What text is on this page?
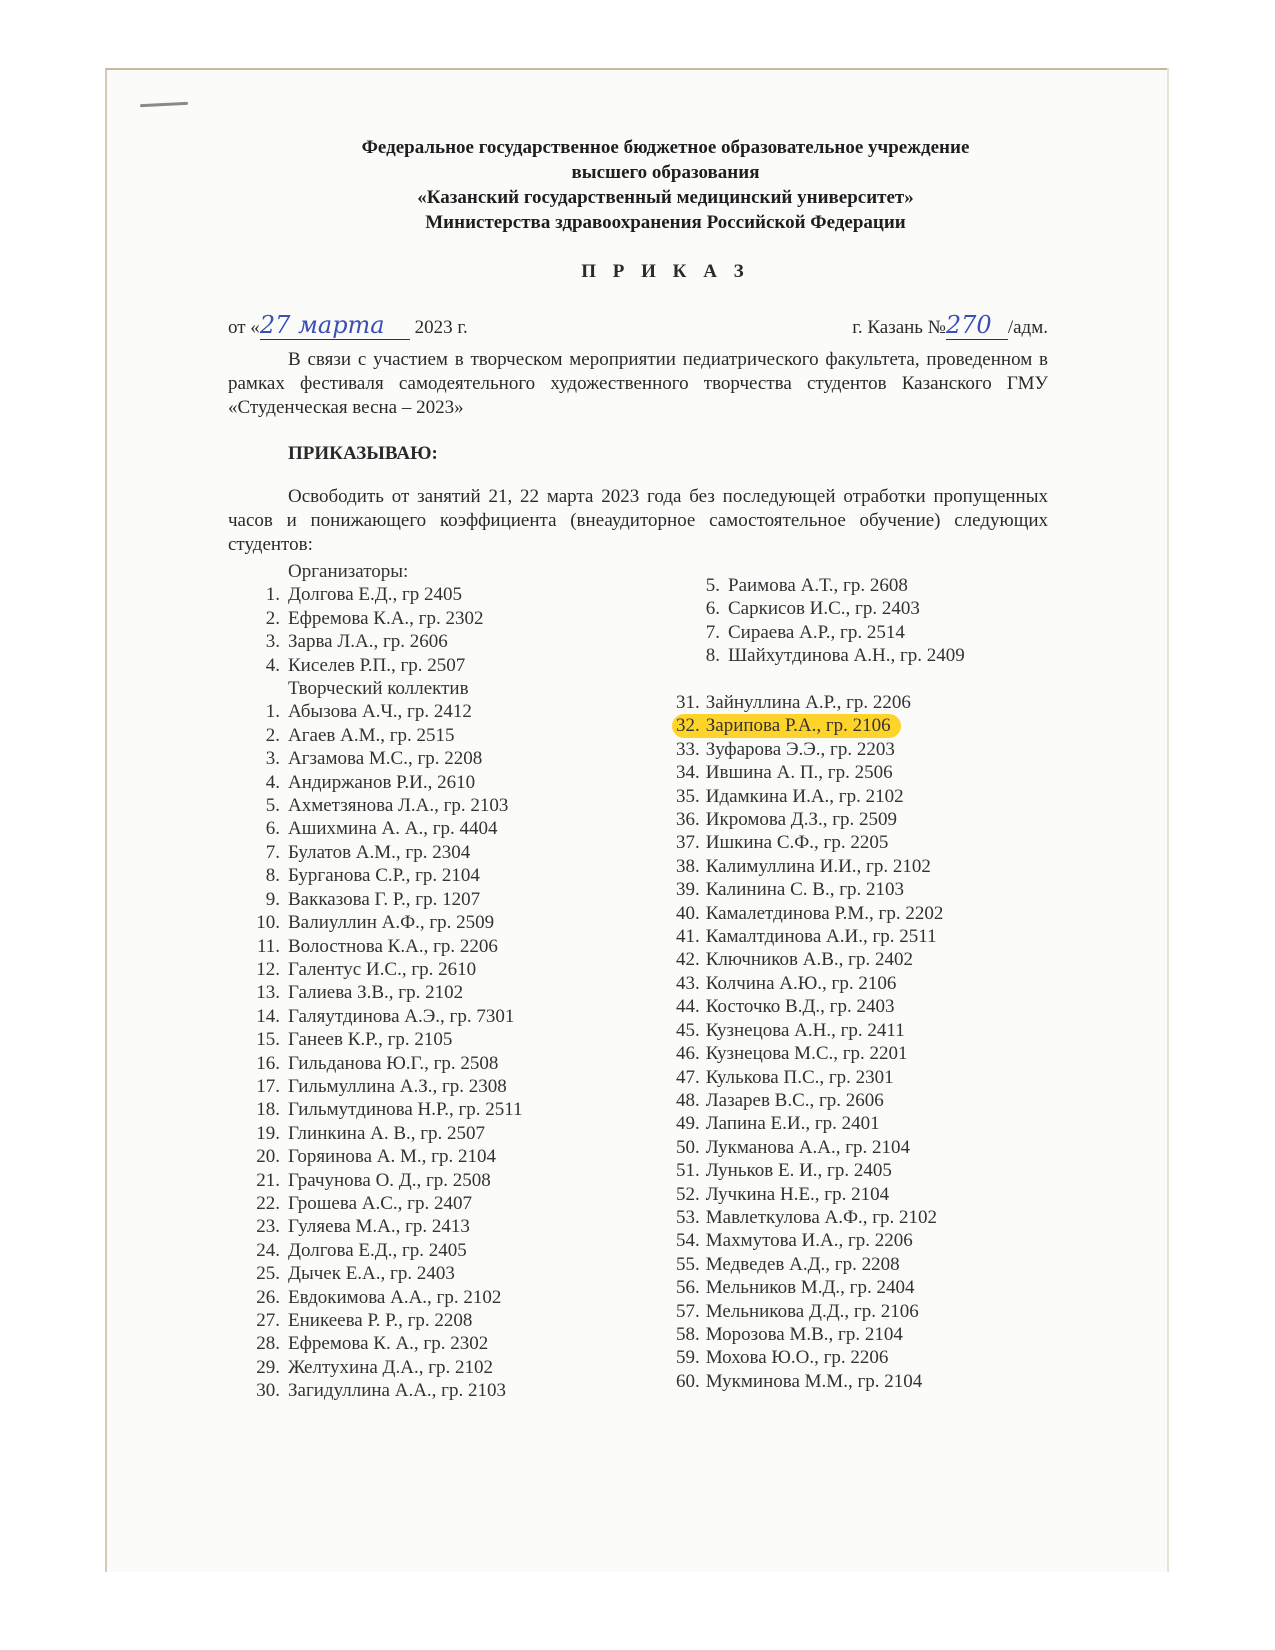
Федеральное государственное бюджетное образовательное учреждение
высшего образования
«Казанский государственный медицинский университет»
Министерства здравоохранения Российской Федерации
П Р И К А З
от «27 марта 2023 г.	г. Казань №270 /адм.
В связи с участием в творческом мероприятии педиатрического факультета, проведенном в рамках фестиваля самодеятельного художественного творчества студентов Казанского ГМУ «Студенческая весна – 2023»
ПРИКАЗЫВАЮ:
Освободить от занятий 21, 22 марта 2023 года без последующей отработки пропущенных часов и понижающего коэффициента (внеаудиторное самостоятельное обучение) следующих студентов:
Организаторы:
1. Долгова Е.Д., гр 2405
2. Ефремова К.А., гр. 2302
3. Зарва Л.А., гр. 2606
4. Киселев Р.П., гр. 2507
Творческий коллектив
1. Абызова А.Ч., гр. 2412
2. Агаев А.М., гр. 2515
3. Агзамова М.С., гр. 2208
4. Андиржанов Р.И., 2610
5. Ахметзянова Л.А., гр. 2103
6. Ашихмина А. А., гр. 4404
7. Булатов А.М., гр. 2304
8. Бурганова С.Р., гр. 2104
9. Вакказова Г. Р., гр. 1207
10. Валиуллин А.Ф., гр. 2509
11. Волостнова К.А., гр. 2206
12. Галентус И.С., гр. 2610
13. Галиева З.В., гр. 2102
14. Галяутдинова А.Э., гр. 7301
15. Ганеев К.Р., гр. 2105
16. Гильданова Ю.Г., гр. 2508
17. Гильмуллина А.З., гр. 2308
18. Гильмутдинова Н.Р., гр. 2511
19. Глинкина А. В., гр. 2507
20. Горяинова А. М., гр. 2104
21. Грачунова О. Д., гр. 2508
22. Грошева А.С., гр. 2407
23. Гуляева М.А., гр. 2413
24. Долгова Е.Д., гр. 2405
25. Дычек Е.А., гр. 2403
26. Евдокимова А.А., гр. 2102
27. Еникеева Р. Р., гр. 2208
28. Ефремова К. А., гр. 2302
29. Желтухина Д.А., гр. 2102
30. Загидуллина А.А., гр. 2103
5. Раимова А.Т., гр. 2608
6. Саркисов И.С., гр. 2403
7. Сираева А.Р., гр. 2514
8. Шайхутдинова А.Н., гр. 2409
31. Зайнуллина А.Р., гр. 2206
32. Зарипова Р.А., гр. 2106
33. Зуфарова Э.Э., гр. 2203
34. Ившина А. П., гр. 2506
35. Идамкина И.А., гр. 2102
36. Икромова Д.З., гр. 2509
37. Ишкина С.Ф., гр. 2205
38. Калимуллина И.И., гр. 2102
39. Калинина С. В., гр. 2103
40. Камалетдинова Р.М., гр. 2202
41. Камалтдинова А.И., гр. 2511
42. Ключников А.В., гр. 2402
43. Колчина А.Ю., гр. 2106
44. Косточко В.Д., гр. 2403
45. Кузнецова А.Н., гр. 2411
46. Кузнецова М.С., гр. 2201
47. Кулькова П.С., гр. 2301
48. Лазарев В.С., гр. 2606
49. Лапина Е.И., гр. 2401
50. Лукманова А.А., гр. 2104
51. Луньков Е. И., гр. 2405
52. Лучкина Н.Е., гр. 2104
53. Мавлеткулова А.Ф., гр. 2102
54. Махмутова И.А., гр. 2206
55. Медведев А.Д., гр. 2208
56. Мельников М.Д., гр. 2404
57. Мельникова Д.Д., гр. 2106
58. Морозова М.В., гр. 2104
59. Мохова Ю.О., гр. 2206
60. Мукминова М.М., гр. 2104
